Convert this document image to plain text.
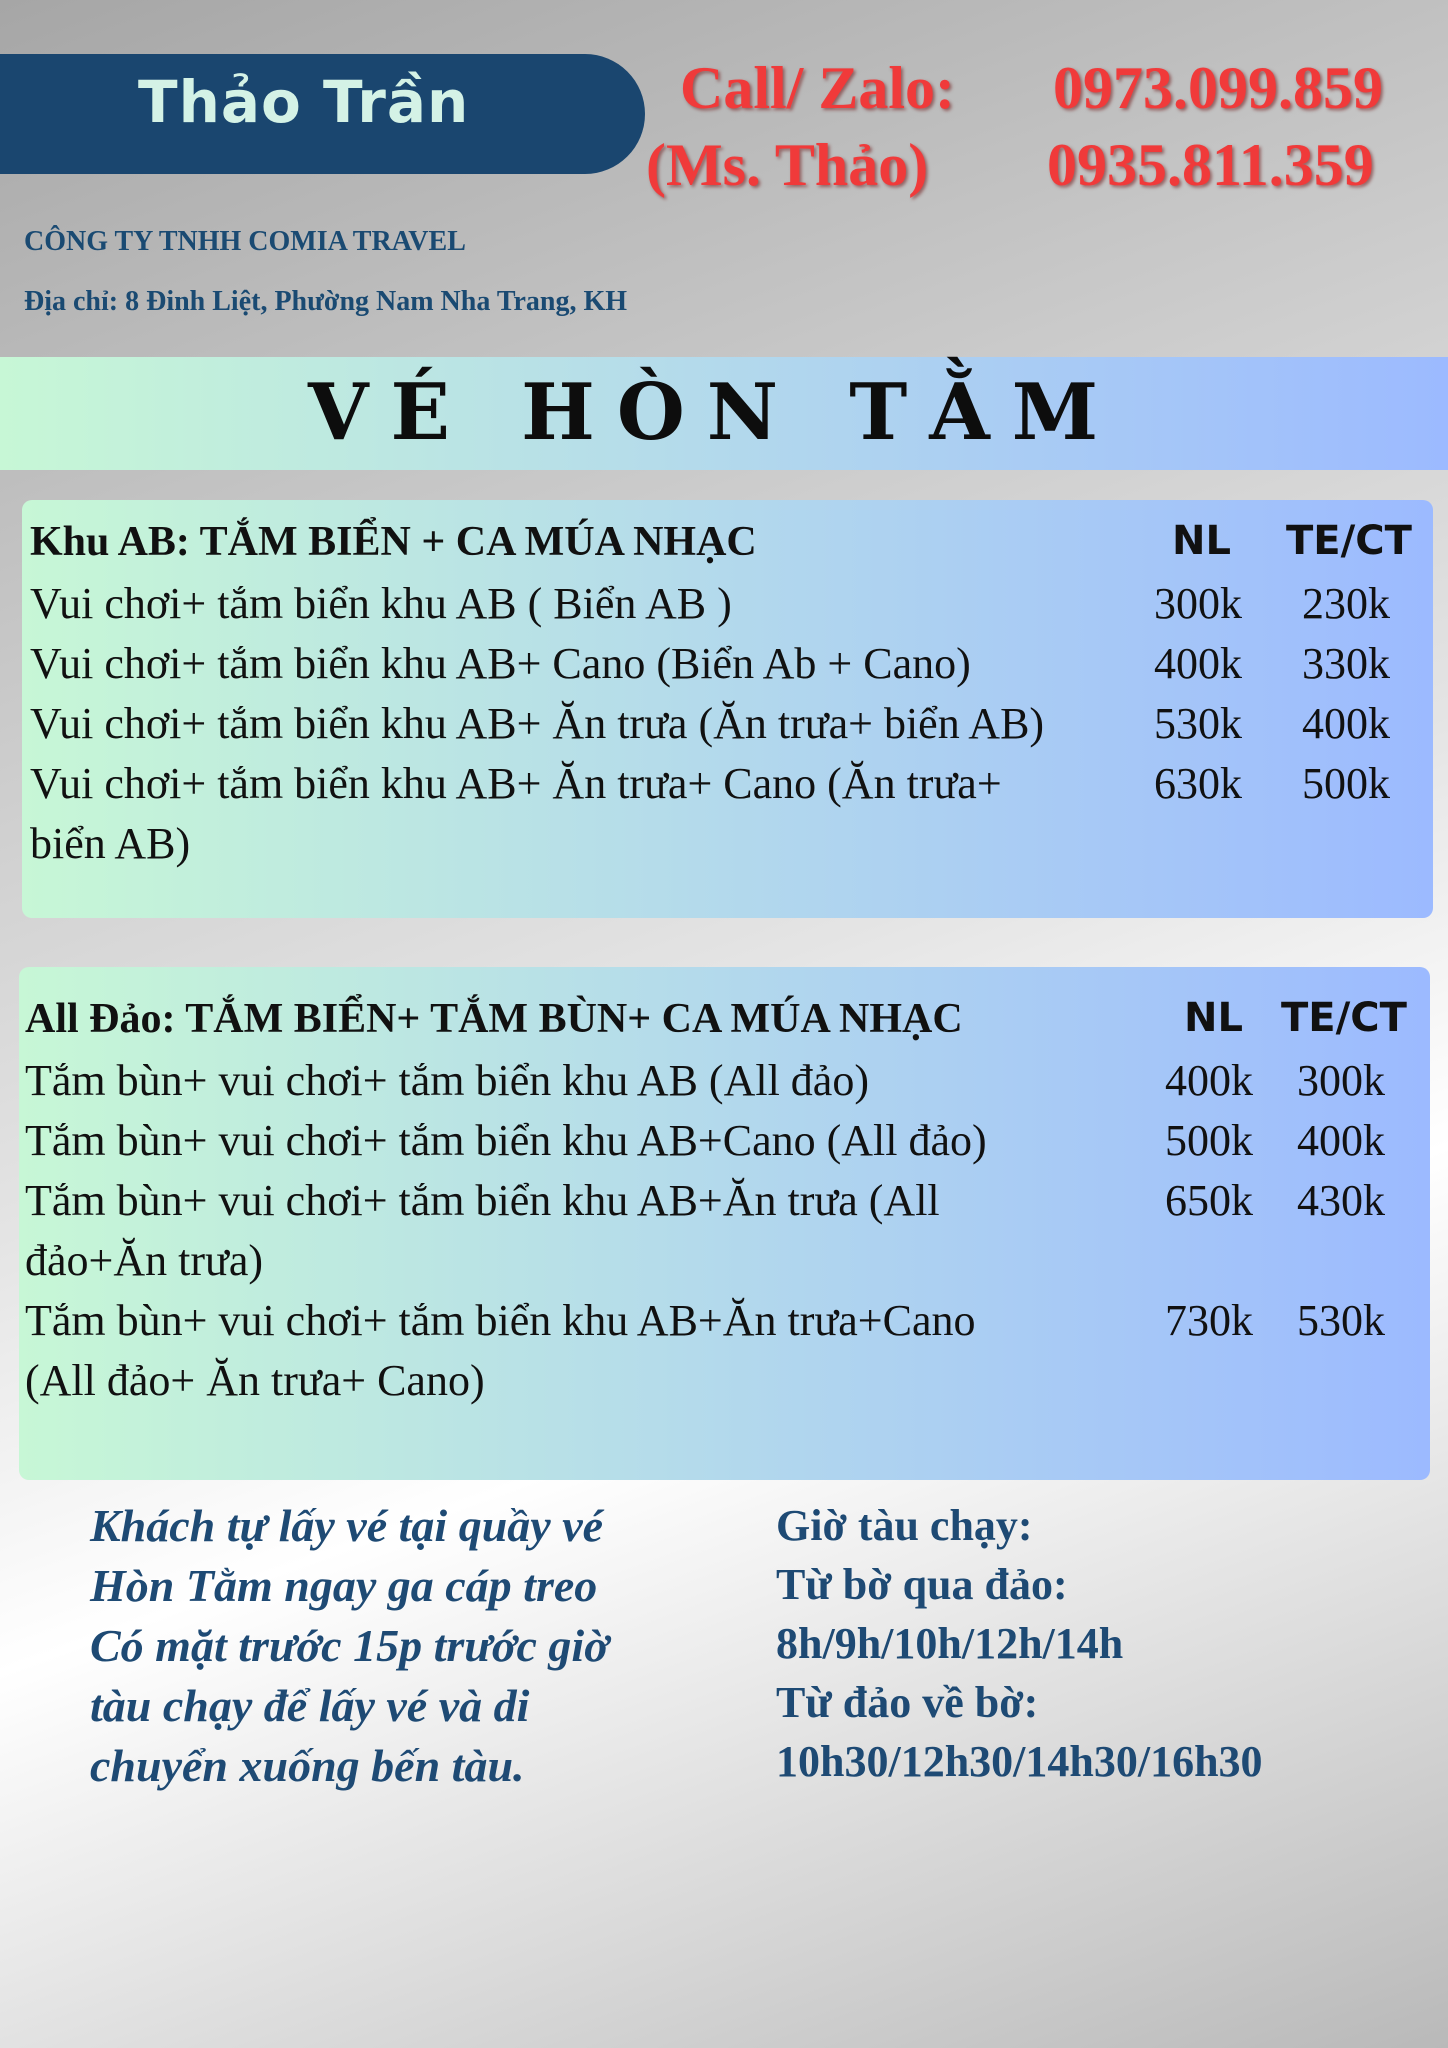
Thảo Trần	Call/ Zalo:
(Ms. Thảo)
0973.099.859
0935.811.359
CÔNG TY TNHH COMIA TRAVEL
Địa chỉ: 8 Đinh Liệt, Phường Nam Nha Trang, KH
VÉ HÒN TẰM
Khu AB: TẮM BIỂN + CA MÚA NHẠC	NL TE/CT
Vui chơi+ tắm biển khu AB ( Biển AB )	300k 230k
Vui chơi+ tắm biển khu AB+ Cano (Biển Ab + Cano)	400k 330k
Vui chơi+ tắm biển khu AB+ Ăn trưa (Ăn trưa+ biển AB) 530k 400k
Vui chơi+ tắm biển khu AB+ Ăn trưa+ Cano (Ăn trưa+	630k 500k
biển AB)
All Đảo: TẮM BIỂN+ TẮM BÙN+ CA MÚA NHẠC	NL TE/CT
Tắm bùn+ vui chơi+ tắm biển khu AB (All đảo)	400k 300k
Tắm bùn+ vui chơi+ tắm biển khu AB+Cano (All đảo)	500k 400k
Tắm bùn+ vui chơi+ tắm biển khu AB+Ăn trưa (All	650k 430k
đảo+Ăn trưa)
Tắm bùn+ vui chơi+ tắm biển khu AB+Ăn trưa+Cano	730k 530k
(All đảo+ Ăn trưa+ Cano)
Khách tự lấy vé tại quầy vé
Hòn Tằm ngay ga cáp treo
Có mặt trước 15p trước giờ
tàu chạy để lấy vé và di
chuyển xuống bến tàu.
Giờ tàu chạy:
Từ bờ qua đảo:
8h/9h/10h/12h/14h
Từ đảo về bờ:
10h30/12h30/14h30/16h30
